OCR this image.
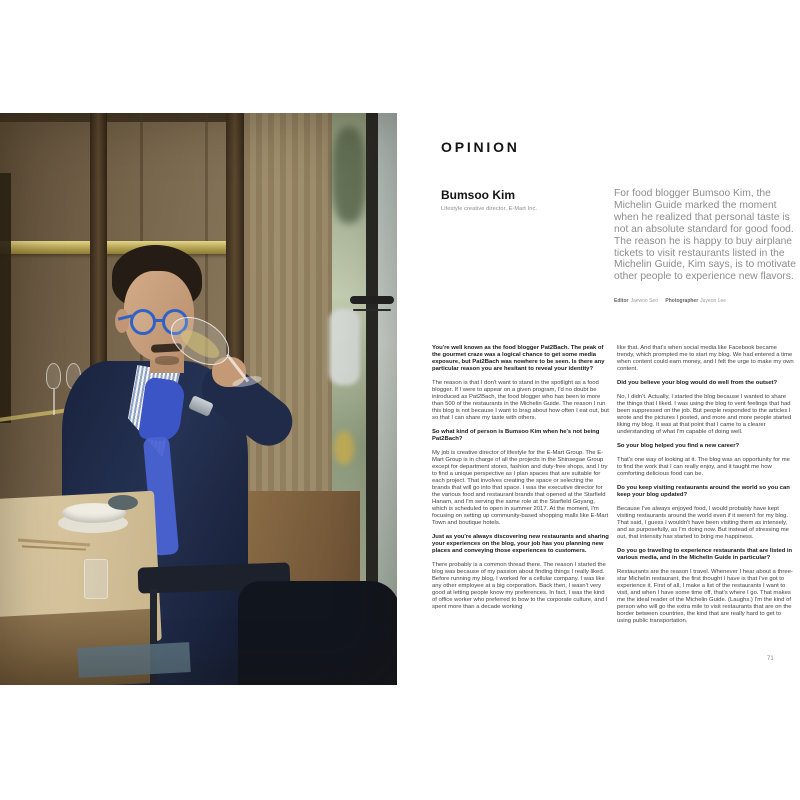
OPINION
Bumsoo Kim
Lifestyle creative director, E-Mart Inc.
For food blogger Bumsoo Kim, the Michelin Guide marked the moment when he realized that personal taste is not an absolute standard for good food. The reason he is happy to buy airplane tickets to visit restaurants listed in the Michelin Guide, Kim says, is to motivate other people to experience new flavors.
Editor Jaewoo Seo Photographer Juyeon Lee
You're well known as the food blogger Pat2Bach. The peak of the gourmet craze was a logical chance to get some media exposure, but Pat2Bach was nowhere to be seen. Is there any particular reason you are hesitant to reveal your identity?
The reason is that I don't want to stand in the spotlight as a food blogger. If I were to appear on a given program, I'd no doubt be introduced as Pat2Bach, the food blogger who has been to more than 500 of the restaurants in the Michelin Guide. The reason I run this blog is not because I want to brag about how often I eat out, but so that I can share my taste with others.
So what kind of person is Bumsoo Kim when he's not being Pat2Bach?
My job is creative director of lifestyle for the E-Mart Group. The E-Mart Group is in charge of all the projects in the Shinsegae Group except for department stores, fashion and duty-free shops, and I try to find a unique perspective as I plan spaces that are suitable for each project. That involves creating the space or selecting the brands that will go into that space. I was the executive director for the various food and restaurant brands that opened at the Starfield Hanam, and I'm serving the same role at the Starfield Goyang, which is scheduled to open in summer 2017. At the moment, I'm focusing on setting up community-based shopping malls like E-Mart Town and boutique hotels.
Just as you're always discovering new restaurants and sharing your experiences on the blog, your job has you planning new places and conveying those experiences to customers.
There probably is a common thread there. The reason I started the blog was because of my passion about finding things I really liked. Before running my blog, I worked for a cellular company. I was like any other employee at a big corporation. Back then, I wasn't very good at letting people know my preferences. In fact, I was the kind of office worker who preferred to bow to the corporate culture, and I spent more than a decade working
like that. And that's when social media like Facebook became trendy, which prompted me to start my blog. We had entered a time when content could earn money, and I felt the urge to make my own content.
Did you believe your blog would do well from the outset?
No, I didn't. Actually, I started the blog because I wanted to share the things that I liked. I was using the blog to vent feelings that had been suppressed on the job. But people responded to the articles I wrote and the pictures I posted, and more and more people started liking my blog. It was at that point that I came to a clearer understanding of what I'm capable of doing well.
So your blog helped you find a new career?
That's one way of looking at it. The blog was an opportunity for me to find the work that I can really enjoy, and it taught me how comforting delicious food can be.
Do you keep visiting restaurants around the world so you can keep your blog updated?
Because I've always enjoyed food, I would probably have kept visiting restaurants around the world even if it weren't for my blog. That said, I guess I wouldn't have been visiting them as intensely, and as purposefully, as I'm doing now. But instead of stressing me out, that intensity has started to bring me happiness.
Do you go traveling to experience restaurants that are listed in various media, and in the Michelin Guide in particular?
Restaurants are the reason I travel. Whenever I hear about a three-star Michelin restaurant, the first thought I have is that I've got to experience it. First of all, I make a list of the restaurants I want to visit, and when I have some time off, that's where I go. That makes me the ideal reader of the Michelin Guide. (Laughs.) I'm the kind of person who will go the extra mile to visit restaurants that are on the border between countries, the kind that are really hard to get to using public transportation.
71
